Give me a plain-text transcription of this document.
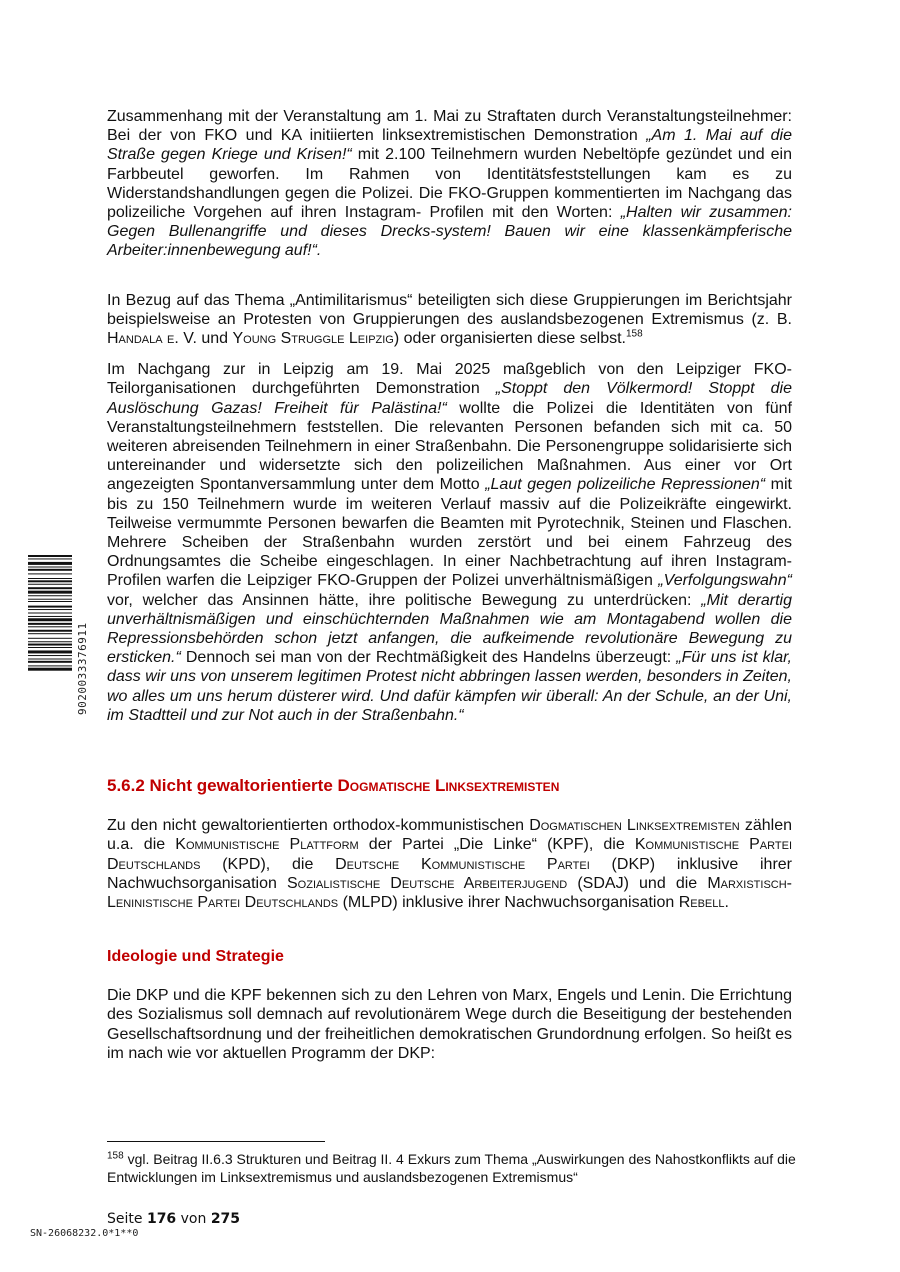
Zusammenhang mit der Veranstaltung am 1. Mai zu Straftaten durch Veranstaltungsteilnehmer: Bei der von FKO und KA initiierten linksextremistischen Demonstration „Am 1. Mai auf die Straße gegen Kriege und Krisen!“ mit 2.100 Teilnehmern wurden Nebeltöpfe gezündet und ein Farbbeutel geworfen. Im Rahmen von Identitätsfeststellungen kam es zu Widerstandshandlungen gegen die Polizei. Die FKO-Gruppen kommentierten im Nachgang das polizeiliche Vorgehen auf ihren Instagram- Profilen mit den Worten: „Halten wir zusammen: Gegen Bullenangriffe und dieses Drecks-system! Bauen wir eine klassenkämpferische Arbeiter:innenbewegung auf!“.

In Bezug auf das Thema „Antimilitarismus“ beteiligten sich diese Gruppierungen im Berichtsjahr beispielsweise an Protesten von Gruppierungen des auslandsbezogenen Extremismus (z. B. Handala e. V. und Young Struggle Leipzig) oder organisierten diese selbst.$^{158}$

Im Nachgang zur in Leipzig am 19. Mai 2025 maßgeblich von den Leipziger FKO-Teilorganisationen durchgeführten Demonstration „Stoppt den Völkermord! Stoppt die Auslöschung Gazas! Freiheit für Palästina!“ wollte die Polizei die Identitäten von fünf Veranstaltungsteilnehmern feststellen. Die relevanten Personen befanden sich mit ca. 50 weiteren abreisenden Teilnehmern in einer Straßenbahn. Die Personengruppe solidarisierte sich untereinander und widersetzte sich den polizeilichen Maßnahmen. Aus einer vor Ort angezeigten Spontanversammlung unter dem Motto „Laut gegen polizeiliche Repressionen“ mit bis zu 150 Teilnehmern wurde im weiteren Verlauf massiv auf die Polizeikräfte eingewirkt. Teilweise vermummte Personen bewarfen die Beamten mit Pyrotechnik, Steinen und Flaschen. Mehrere Scheiben der Straßenbahn wurden zerstört und bei einem Fahrzeug des Ordnungsamtes die Scheibe eingeschlagen. In einer Nachbetrachtung auf ihren Instagram-Profilen warfen die Leipziger FKO-Gruppen der Polizei unverhältnismäßigen „Verfolgungswahn“ vor, welcher das Ansinnen hätte, ihre politische Bewegung zu unterdrücken: „Mit derartig unverhältnismäßigen und einschüchternden Maßnahmen wie am Montagabend wollen die Repressionsbehörden schon jetzt anfangen, die aufkeimende revolutionäre Bewegung zu ersticken.“ Dennoch sei man von der Rechtmäßigkeit des Handelns überzeugt: „Für uns ist klar, dass wir uns von unserem legitimen Protest nicht abbringen lassen werden, besonders in Zeiten, wo alles um uns herum düsterer wird. Und dafür kämpfen wir überall: An der Schule, an der Uni, im Stadtteil und zur Not auch in der Straßenbahn.“

5.6.2 Nicht gewaltorientierte Dogmatische Linksextremisten

Zu den nicht gewaltorientierten orthodox-kommunistischen Dogmatischen Linksextremisten zählen u.a. die Kommunistische Plattform der Partei „Die Linke“ (KPF), die Kommunistische Partei Deutschlands (KPD), die Deutsche Kommunistische Partei (DKP) inklusive ihrer Nachwuchsorganisation Sozialistische Deutsche Arbeiterjugend (SDAJ) und die Marxistisch-Leninistische Partei Deutschlands (MLPD) inklusive ihrer Nachwuchsorganisation Rebell.

Ideologie und Strategie

Die DKP und die KPF bekennen sich zu den Lehren von Marx, Engels und Lenin. Die Errichtung des Sozialismus soll demnach auf revolutionärem Wege durch die Beseitigung der bestehenden Gesellschaftsordnung und der freiheitlichen demokratischen Grundordnung erfolgen. So heißt es im nach wie vor aktuellen Programm der DKP:

$^{158}$ vgl. Beitrag II.6.3 Strukturen und Beitrag II. 4 Exkurs zum Thema „Auswirkungen des Nahostkonflikts auf die Entwicklungen im Linksextremismus und auslandsbezogenen Extremismus“

Seite 176 von 275
SN-26068232.0*1**0
9020033376911
